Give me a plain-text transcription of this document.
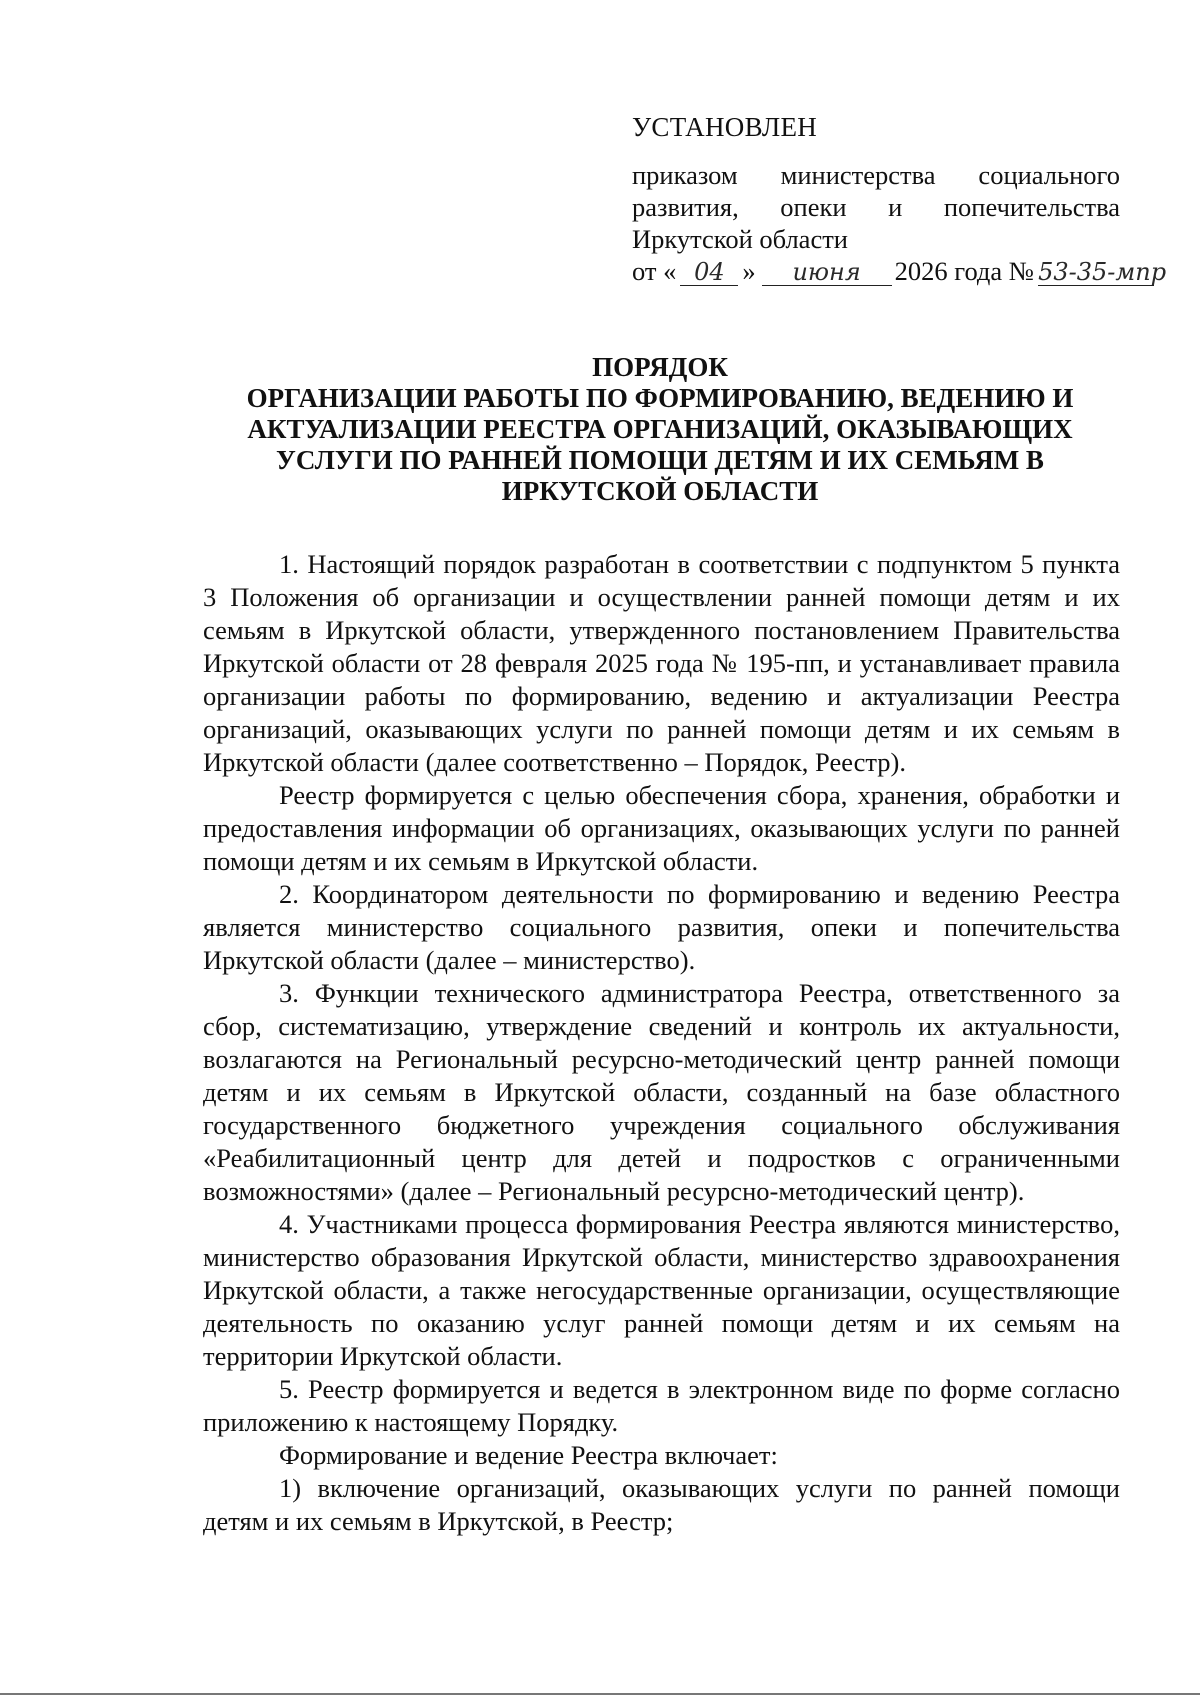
УСТАНОВЛЕН
приказом министерства социального
развития, опеки и попечительства
Иркутской области
от « 04 » июня 2026 года № 53-35-мпр
ПОРЯДОК
ОРГАНИЗАЦИИ РАБОТЫ ПО ФОРМИРОВАНИЮ, ВЕДЕНИЮ И
АКТУАЛИЗАЦИИ РЕЕСТРА ОРГАНИЗАЦИЙ, ОКАЗЫВАЮЩИХ
УСЛУГИ ПО РАННЕЙ ПОМОЩИ ДЕТЯМ И ИХ СЕМЬЯМ В
ИРКУТСКОЙ ОБЛАСТИ

1. Настоящий порядок разработан в соответствии с подпунктом 5 пункта 3 Положения об организации и осуществлении ранней помощи детям и их семьям в Иркутской области, утвержденного постановлением Правительства Иркутской области от 28 февраля 2025 года № 195-пп, и устанавливает правила организации работы по формированию, ведению и актуализации Реестра организаций, оказывающих услуги по ранней помощи детям и их семьям в Иркутской области (далее соответственно – Порядок, Реестр).

Реестр формируется с целью обеспечения сбора, хранения, обработки и предоставления информации об организациях, оказывающих услуги по ранней помощи детям и их семьям в Иркутской области.

2. Координатором деятельности по формированию и ведению Реестра является министерство социального развития, опеки и попечительства Иркутской области (далее – министерство).

3. Функции технического администратора Реестра, ответственного за сбор, систематизацию, утверждение сведений и контроль их актуальности, возлагаются на Региональный ресурсно-методический центр ранней помощи детям и их семьям в Иркутской области, созданный на базе областного государственного бюджетного учреждения социального обслуживания «Реабилитационный центр для детей и подростков с ограниченными возможностями» (далее – Региональный ресурсно-методический центр).

4. Участниками процесса формирования Реестра являются министерство, министерство образования Иркутской области, министерство здравоохранения Иркутской области, а также негосударственные организации, осуществляющие деятельность по оказанию услуг ранней помощи детям и их семьям на территории Иркутской области.

5. Реестр формируется и ведется в электронном виде по форме согласно приложению к настоящему Порядку.

Формирование и ведение Реестра включает:

1) включение организаций, оказывающих услуги по ранней помощи детям и их семьям в Иркутской, в Реестр;
